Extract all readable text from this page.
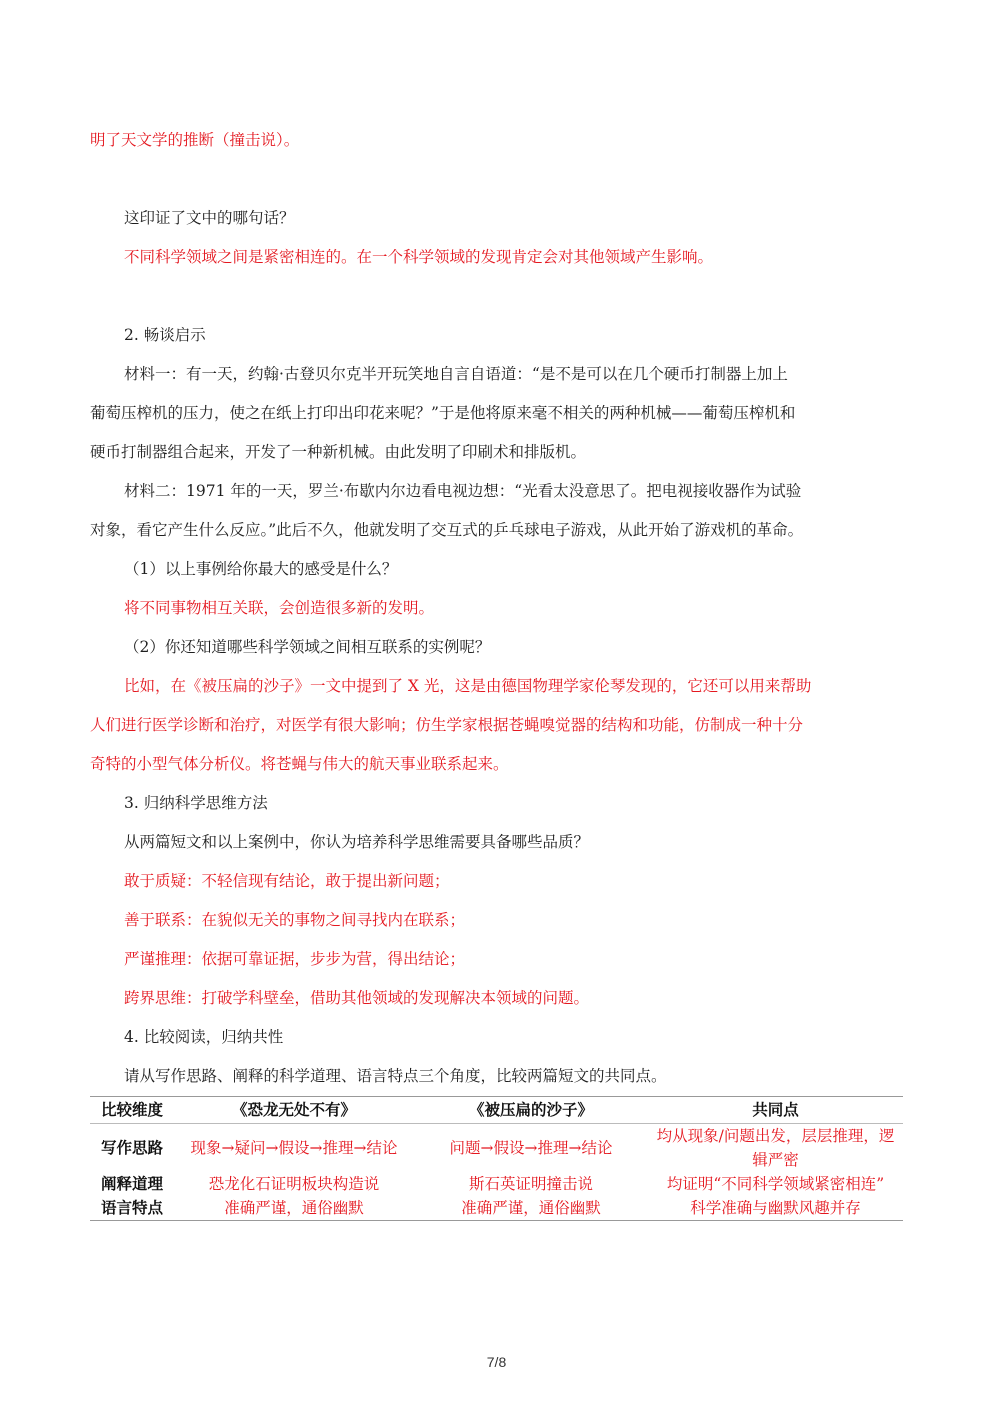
明了天文学的推断（撞击说）。
这印证了文中的哪句话？
不同科学领域之间是紧密相连的。在一个科学领域的发现肯定会对其他领域产生影响。
2. 畅谈启示
材料一：有一天，约翰·古登贝尔克半开玩笑地自言自语道：“是不是可以在几个硬币打制器上加上
葡萄压榨机的压力，使之在纸上打印出印花来呢？”于是他将原来毫不相关的两种机械——葡萄压榨机和
硬币打制器组合起来，开发了一种新机械。由此发明了印刷术和排版机。
材料二：1971 年的一天，罗兰·布歇内尔边看电视边想：“光看太没意思了。把电视接收器作为试验
对象，看它产生什么反应。”此后不久，他就发明了交互式的乒乓球电子游戏，从此开始了游戏机的革命。
（1）以上事例给你最大的感受是什么？
将不同事物相互关联，会创造很多新的发明。
（2）你还知道哪些科学领域之间相互联系的实例呢？
比如，在《被压扁的沙子》一文中提到了 X 光，这是由德国物理学家伦琴发现的，它还可以用来帮助
人们进行医学诊断和治疗，对医学有很大影响；仿生学家根据苍蝇嗅觉器的结构和功能，仿制成一种十分
奇特的小型气体分析仪。将苍蝇与伟大的航天事业联系起来。
3. 归纳科学思维方法
从两篇短文和以上案例中，你认为培养科学思维需要具备哪些品质？
敢于质疑：不轻信现有结论，敢于提出新问题；
善于联系：在貌似无关的事物之间寻找内在联系；
严谨推理：依据可靠证据，步步为营，得出结论；
跨界思维：打破学科壁垒，借助其他领域的发现解决本领域的问题。
4. 比较阅读，归纳共性
请从写作思路、阐释的科学道理、语言特点三个角度，比较两篇短文的共同点。
比较维度	《恐龙无处不有》	《被压扁的沙子》	共同点
写作思路	现象→疑问→假设→推理→结论	问题→假设→推理→结论	均从现象/问题出发，层层推理，逻辑严密
阐释道理	恐龙化石证明板块构造说	斯石英证明撞击说	均证明“不同科学领域紧密相连”
语言特点	准确严谨，通俗幽默	准确严谨，通俗幽默	科学准确与幽默风趣并存
7/8
